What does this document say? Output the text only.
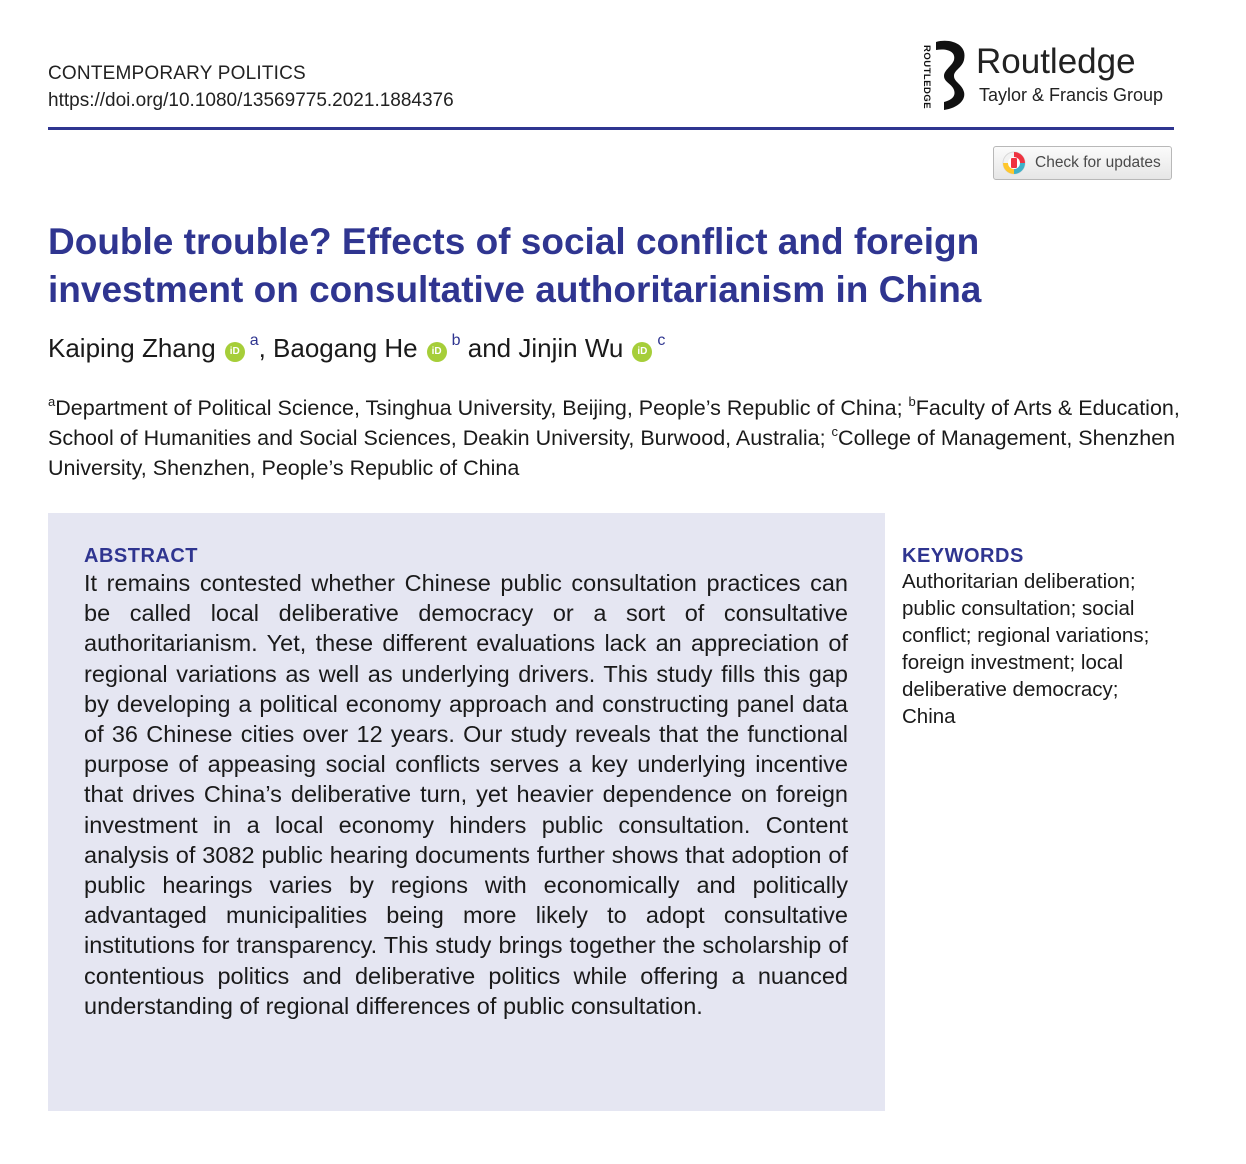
CONTEMPORARY POLITICS
https://doi.org/10.1080/13569775.2021.1884376	ROUTLEDGE Routledge
Taylor & Francis Group
Check for updates
Double trouble? Effects of social conflict and foreign investment on consultative authoritarianism in China
Kaiping Zhang $iD^a$, Baogang He $iD^b$ and Jinjin Wu $iD^c$
$^a$Department of Political Science, Tsinghua University, Beijing, People’s Republic of China; $^b$Faculty of Arts & Education, School of Humanities and Social Sciences, Deakin University, Burwood, Australia; $^c$College of Management, Shenzhen University, Shenzhen, People’s Republic of China
ABSTRACT

It remains contested whether Chinese public consultation practices can be called local deliberative democracy or a sort of consultative authoritarianism. Yet, these different evaluations lack an appreciation of regional variations as well as underlying drivers. This study fills this gap by developing a political economy approach and constructing panel data of 36 Chinese cities over 12 years. Our study reveals that the functional purpose of appeasing social conflicts serves a key underlying incentive that drives China’s deliberative turn, yet heavier dependence on foreign investment in a local economy hinders public consultation. Content analysis of 3082 public hearing documents further shows that adoption of public hearings varies by regions with economically and politically advantaged municipalities being more likely to adopt consultative institutions for transparency. This study brings together the scholarship of contentious politics and deliberative politics while offering a nuanced understanding of regional differences of public consultation.

KEYWORDS

Authoritarian deliberation; public consultation; social conflict; regional variations; foreign investment; local deliberative democracy; China
